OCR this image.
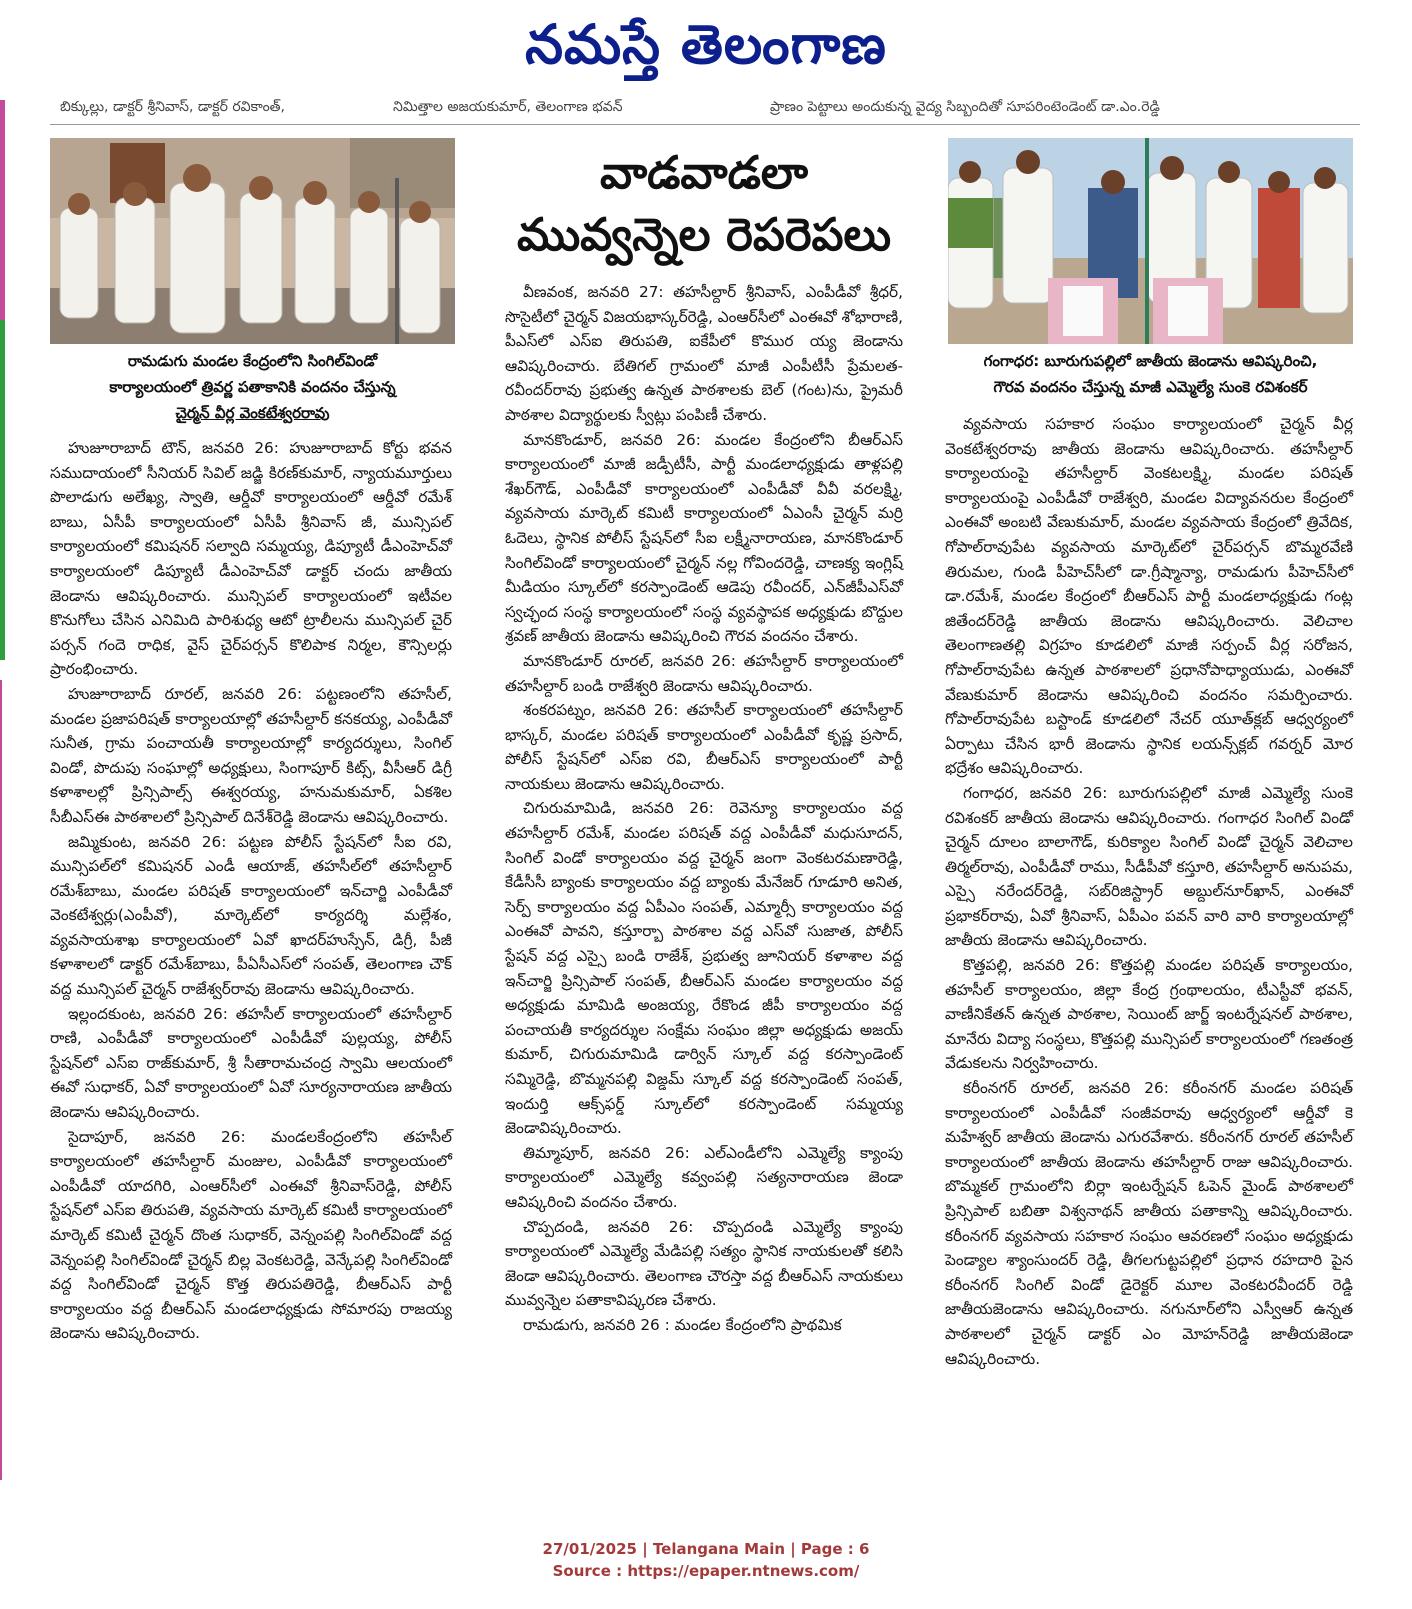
నమస్తే తెలంగాణ
బిక్కుల్లు, డాక్టర్ శ్రీనివాస్, డాక్టర్ రవికాంత్,	నిమిత్తాల అజయకుమార్, తెలంగాణ భవన్	ప్రాణం పెట్టాలు అందుకున్న వైద్య సిబ్బందితో సూపరింటెండెంట్ డా.ఎం.రెడ్డి
రామడుగు మండల కేంద్రంలోని సింగిల్‌విండో
కార్యాలయంలో త్రివర్ణ పతాకానికి వందనం చేస్తున్న
చైర్మన్ వీర్ల వెంకటేశ్వరరావు
వాడవాడలా
మువ్వన్నెల రెపరెపలు
గంగాధర: బూరుగుపల్లిలో జాతీయ జెండాను ఆవిష్కరించి,
గౌరవ వందనం చేస్తున్న మాజీ ఎమ్మెల్యే సుంకె రవిశంకర్

హుజూరాబాద్ టౌన్, జనవరి 26: హుజూరాబాద్ కోర్టు భవన సముదాయంలో సీనియర్ సివిల్ జడ్జి కిరణ్‌కుమార్, న్యాయమూర్తులు పొలాడుగు అలేఖ్య, స్వాతి, ఆర్డీవో కార్యాలయంలో ఆర్డీవో రమేశ్ బాబు, ఏసీపీ కార్యాలయంలో ఏసీపీ శ్రీనివాస్ జీ, మున్సిపల్ కార్యాలయంలో కమిషనర్ సల్వాది సమ్మయ్య, డిప్యూటీ డీఎంహెచ్‌వో కార్యాలయంలో డిప్యూటీ డీఎంహెచ్‌వో డాక్టర్ చందు జాతీయ జెండాను ఆవిష్కరించారు. మున్సిపల్ కార్యాలయంలో ఇటీవల కొనుగోలు చేసిన ఎనిమిది పారిశుధ్య ఆటో ట్రాలీలను మున్సిపల్ చైర్ పర్సన్ గందె రాధిక, వైస్ చైర్‌పర్సన్ కొలిపాక నిర్మల, కౌన్సిలర్లు ప్రారంభించారు.

హుజూరాబాద్ రూరల్, జనవరి 26: పట్టణంలోని తహసీల్, మండల ప్రజాపరిషత్ కార్యాలయాల్లో తహసీల్దార్ కనకయ్య, ఎంపీడీవో సునీత, గ్రామ పంచాయతీ కార్యాలయాల్లో కార్యదర్శులు, సింగిల్ విండో, పొదుపు సంఘాల్లో అధ్యక్షులు, సింగాపూర్ కిట్స్, వీసీఆర్ డిగ్రీ కళాశాలల్లో ప్రిన్సిపాల్స్ ఈశ్వరయ్య, హనుమకుమార్, ఏకశిల సీబీఎస్‌ఈ పాఠశాలలో ప్రిన్సిపాల్ దినేశ్‌రెడ్డి జెండాను ఆవిష్కరించారు.

జమ్మికుంట, జనవరి 26: పట్టణ పోలీస్ స్టేషన్‌లో సీఐ రవి, మున్సిపల్‌లో కమిషనర్ ఎండీ ఆయాజ్, తహసీల్‌లో తహసీల్దార్ రమేశ్‌బాబు, మండల పరిషత్ కార్యాలయంలో ఇన్‌చార్జి ఎంపీడీవో వెంకటేశ్వర్లు(ఎంపీవో), మార్కెట్‌లో కార్యదర్శి మల్లేశం, వ్యవసాయశాఖ కార్యాలయంలో ఏవో ఖాదర్‌హుస్సేన్, డిగ్రీ, పీజీ కళాశాలలో డాక్టర్ రమేశ్‌బాబు, పీఏసీఎస్‌లో సంపత్, తెలంగాణ చౌక్ వద్ద మున్సిపల్ చైర్మన్ రాజేశ్వర్‌రావు జెండాను ఆవిష్కరించారు.

ఇల్లందకుంట, జనవరి 26: తహసీల్ కార్యాలయంలో తహసీల్దార్ రాణి, ఎంపీడీవో కార్యాలయంలో ఎంపీడీవో పుల్లయ్య, పోలీస్ స్టేషన్‌లో ఎస్‌ఐ రాజ్‌కుమార్, శ్రీ సీతారామచంద్ర స్వామి ఆలయంలో ఈవో సుధాకర్, ఏవో కార్యాలయంలో ఏవో సూర్యనారాయణ జాతీయ జెండాను ఆవిష్కరించారు.

సైదాపూర్, జనవరి 26: మండలకేంద్రంలోని తహసీల్ కార్యాలయంలో తహసీల్దార్ మంజుల, ఎంపీడీవో కార్యాలయంలో ఎంపీడీవో యాదగిరి, ఎంఆర్‌సీలో ఎంఈవో శ్రీనివాస్‌రెడ్డి, పోలీస్ స్టేషన్‌లో ఎస్‌ఐ తిరుపతి, వ్యవసాయ మార్కెట్ కమిటీ కార్యాలయంలో మార్కెట్ కమిటీ చైర్మన్ దొంత సుధాకర్, వెన్నంపల్లి సింగిల్‌విండో వద్ద వెన్నంపల్లి సింగిల్‌విండో చైర్మన్ బిల్ల వెంకటరెడ్డి, వెన్కేపల్లి సింగిల్‌విండో వద్ద సింగిల్‌విండో చైర్మన్ కొత్త తిరుపతిరెడ్డి, బీఆర్‌ఎస్ పార్టీ కార్యాలయం వద్ద బీఆర్‌ఎస్ మండలాధ్యక్షుడు సోమారపు రాజయ్య జెండాను ఆవిష్కరించారు.

వీణవంక, జనవరి 27: తహసీల్దార్ శ్రీనివాస్, ఎంపీడీవో శ్రీధర్, సొసైటీలో చైర్మన్ విజయభాస్కర్‌రెడ్డి, ఎంఆర్‌సీలో ఎంఈవో శోభారాణి, పీఎస్‌లో ఎస్‌ఐ తిరుపతి, ఐకేపీలో కొముర య్య జెండాను ఆవిష్కరించారు. బేతిగల్ గ్రామంలో మాజీ ఎంపీటీసీ ప్రేమలత-రవీందర్‌రావు ప్రభుత్వ ఉన్నత పాఠశాలకు బెల్ (గంట)ను, ప్రైమరీ పాఠశాల విద్యార్థులకు స్వీట్లు పంపిణీ చేశారు.

మానకొండూర్, జనవరి 26: మండల కేంద్రంలోని బీఆర్‌ఎస్ కార్యాలయంలో మాజీ జడ్పీటీసీ, పార్టీ మండలాధ్యక్షుడు తాళ్లపల్లి శేఖర్‌గౌడ్, ఎంపీడీవో కార్యాలయంలో ఎంపీడీవో వీవీ వరలక్ష్మి, వ్యవసాయ మార్కెట్ కమిటీ కార్యాలయంలో ఏఎంసీ చైర్మన్ మర్రి ఓదెలు, స్థానిక పోలీస్ స్టేషన్‌లో సీఐ లక్ష్మీనారాయణ, మానకొండూర్ సింగిల్‌విండో కార్యాలయంలో చైర్మన్ నల్ల గోవిందరెడ్డి, చాణక్య ఇంగ్లిష్ మీడియం స్కూల్‌లో కరస్పాండెంట్ ఆడెపు రవీందర్, ఎన్‌జీపీఎస్‌వో స్వచ్ఛంద సంస్థ కార్యాలయంలో సంస్థ వ్యవస్థాపక అధ్యక్షుడు బొద్దుల శ్రవణ్ జాతీయ జెండాను ఆవిష్కరించి గౌరవ వందనం చేశారు.

మానకొండూర్ రూరల్, జనవరి 26: తహసీల్దార్ కార్యాలయంలో తహసీల్దార్ బండి రాజేశ్వరి జెండాను ఆవిష్కరించారు.

శంకరపట్నం, జనవరి 26: తహసీల్ కార్యాలయంలో తహసీల్దార్ భాస్కర్, మండల పరిషత్ కార్యాలయంలో ఎంపీడీవో కృష్ణ ప్రసాద్, పోలీస్ స్టేషన్‌లో ఎస్‌ఐ రవి, బీఆర్‌ఎస్ కార్యాలయంలో పార్టీ నాయకులు జెండాను ఆవిష్కరించారు.

చిగురుమామిడి, జనవరి 26: రెవెన్యూ కార్యాలయం వద్ద తహసీల్దార్ రమేశ్, మండల పరిషత్ వద్ద ఎంపీడీవో మధుసూదన్, సింగిల్ విండో కార్యాలయం వద్ద చైర్మన్ జంగా వెంకటరమణారెడ్డి, కేడీసీసీ బ్యాంకు కార్యాలయం వద్ద బ్యాంకు మేనేజర్ గూడూరి అనిత, సెర్ప్ కార్యాలయం వద్ద ఏపీఎం సంపత్, ఎమ్మార్సీ కార్యాలయం వద్ద ఎంఈవో పావని, కస్తూర్బా పాఠశాల వద్ద ఎస్‌వో సుజాత, పోలీస్ స్టేషన్ వద్ద ఎస్సై బండి రాజేశ్, ప్రభుత్వ జూనియర్ కళాశాల వద్ద ఇన్‌చార్జి ప్రిన్సిపాల్ సంపత్, బీఆర్‌ఎస్ మండల కార్యాలయం వద్ద అధ్యక్షుడు మామిడి అంజయ్య, రేకొండ జీపీ కార్యాలయం వద్ద పంచాయతీ కార్యదర్శుల సంక్షేమ సంఘం జిల్లా అధ్యక్షుడు అజయ్ కుమార్, చిగురుమామిడి డార్విన్ స్కూల్ వద్ద కరస్పాండెంట్ సమ్మిరెడ్డి, బొమ్మనపల్లి విజ్డమ్ స్కూల్ వద్ద కరస్పాండెంట్ సంపత్, ఇందుర్తి ఆక్స్‌ఫర్డ్ స్కూల్‌లో కరస్పాండెంట్ సమ్మయ్య జెండావిష్కరించారు.

తిమ్మాపూర్, జనవరి 26: ఎల్ఎండీలోని ఎమ్మెల్యే క్యాంపు కార్యాలయంలో ఎమ్మెల్యే కవ్వంపల్లి సత్యనారాయణ జెండా ఆవిష్కరించి వందనం చేశారు.

చొప్పదండి, జనవరి 26: చొప్పదండి ఎమ్మెల్యే క్యాంపు కార్యాలయంలో ఎమ్మెల్యే మేడిపల్లి సత్యం స్థానిక నాయకులతో కలిసి జెండా ఆవిష్కరించారు. తెలంగాణ చౌరస్తా వద్ద బీఆర్‌ఎస్ నాయకులు మువ్వన్నెల పతాకావిష్కరణ చేశారు.

రామడుగు, జనవరి 26 : మండల కేంద్రంలోని ప్రాథమిక

వ్యవసాయ సహకార సంఘం కార్యాలయంలో చైర్మన్ వీర్ల వెంకటేశ్వరరావు జాతీయ జెండాను ఆవిష్కరించారు. తహసీల్దార్ కార్యాలయంపై తహసీల్దార్ వెంకటలక్ష్మి, మండల పరిషత్ కార్యాలయంపై ఎంపీడీవో రాజేశ్వరి, మండల విద్యావనరుల కేంద్రంలో ఎంఈవో అంబటి వేణుకుమార్, మండల వ్యవసాయ కేంద్రంలో త్రివేదిక, గోపాల్‌రావుపేట వ్యవసాయ మార్కెట్‌లో చైర్‌పర్సన్ బొమ్మరవేణి తిరుమల, గుండి పీహెచ్‌సీలో డా.గ్రీష్మాన్యా, రామడుగు పీహెచ్‌సీలో డా.రమేశ్, మండల కేంద్రంలో బీఆర్‌ఎస్ పార్టీ మండలాధ్యక్షుడు గంట్ల జితేందర్‌రెడ్డి జాతీయ జెండాను ఆవిష్కరించారు. వెలిచాల తెలంగాణతల్లి విగ్రహం కూడలిలో మాజీ సర్పంచ్ వీర్ల సరోజన, గోపాల్‌రావుపేట ఉన్నత పాఠశాలలో ప్రధానోపాధ్యాయుడు, ఎంఈవో వేణుకుమార్ జెండాను ఆవిష్కరించి వందనం సమర్పించారు. గోపాల్‌రావుపేట బస్టాండ్ కూడలిలో నేచర్ యూత్‌క్లబ్ ఆధ్వర్యంలో ఏర్పాటు చేసిన భారీ జెండాను స్థానిక లయన్స్‌క్లబ్ గవర్నర్ మోర భద్రేశం ఆవిష్కరించారు.

గంగాధర, జనవరి 26: బూరుగుపల్లిలో మాజీ ఎమ్మెల్యే సుంకె రవిశంకర్ జాతీయ జెండాను ఆవిష్కరించారు. గంగాధర సింగిల్ విండో చైర్మన్ దూలం బాలాగౌడ్, కురిక్యాల సింగిల్ విండో చైర్మన్ వెలిచాల తిర్మల్‌రావు, ఎంపీడీవో రాము, సీడీపీవో కస్తూరి, తహసీల్దార్ అనుపమ, ఎస్సై నరేందర్‌రెడ్డి, సబ్‌రిజిస్ట్రార్ అబ్దుల్‌నూర్‌ఖాన్, ఎంఈవో ప్రభాకర్‌రావు, ఏవో శ్రీనివాస్, ఏపీఎం పవన్ వారి వారి కార్యాలయాల్లో జాతీయ జెండాను ఆవిష్కరించారు.

కొత్తపల్లి, జనవరి 26: కొత్తపల్లి మండల పరిషత్ కార్యాలయం, తహసీల్ కార్యాలయం, జిల్లా కేంద్ర గ్రంథాలయం, టీఎస్టీవో భవన్, వాణీనికేతన్ ఉన్నత పాఠశాల, సెయింట్ జార్జ్ ఇంటర్నేషనల్ పాఠశాల, మానేరు విద్యా సంస్థలు, కొత్తపల్లి మున్సిపల్ కార్యాలయంలో గణతంత్ర వేడుకలను నిర్వహించారు.

కరీంనగర్ రూరల్, జనవరి 26: కరీంనగర్ మండల పరిషత్ కార్యాలయంలో ఎంపీడీవో సంజీవరావు ఆధ్వర్యంలో ఆర్డీవో కె మహేశ్వర్ జాతీయ జెండాను ఎగురవేశారు. కరీంనగర్ రూరల్ తహసీల్ కార్యాలయంలో జాతీయ జెండాను తహసీల్దార్ రాజు ఆవిష్కరించారు. బొమ్మకల్ గ్రామంలోని బిర్లా ఇంటర్నేషన్ ఓపెన్ మైండ్ పాఠశాలలో ప్రిన్సిపాల్ బబితా విశ్వనాథన్ జాతీయ పతాకాన్ని ఆవిష్కరించారు. కరీంనగర్ వ్యవసాయ సహకార సంఘం ఆవరణలో సంఘం అధ్యక్షుడు పెండ్యాల శ్యాంసుందర్ రెడ్డి, తీగలగుట్టపల్లిలో ప్రధాన రహదారి పైన కరీంనగర్ సింగిల్ విండో డైరెక్టర్ మూల వెంకటరవీందర్ రెడ్డి జాతీయజెండాను ఆవిష్కరించారు. నగునూర్‌లోని ఎస్వీఆర్ ఉన్నత పాఠశాలలో చైర్మన్ డాక్టర్ ఎం మోహన్‌రెడ్డి జాతీయజెండా ఆవిష్కరించారు.

27/01/2025 | Telangana Main | Page : 6
Source : https://epaper.ntnews.com/
